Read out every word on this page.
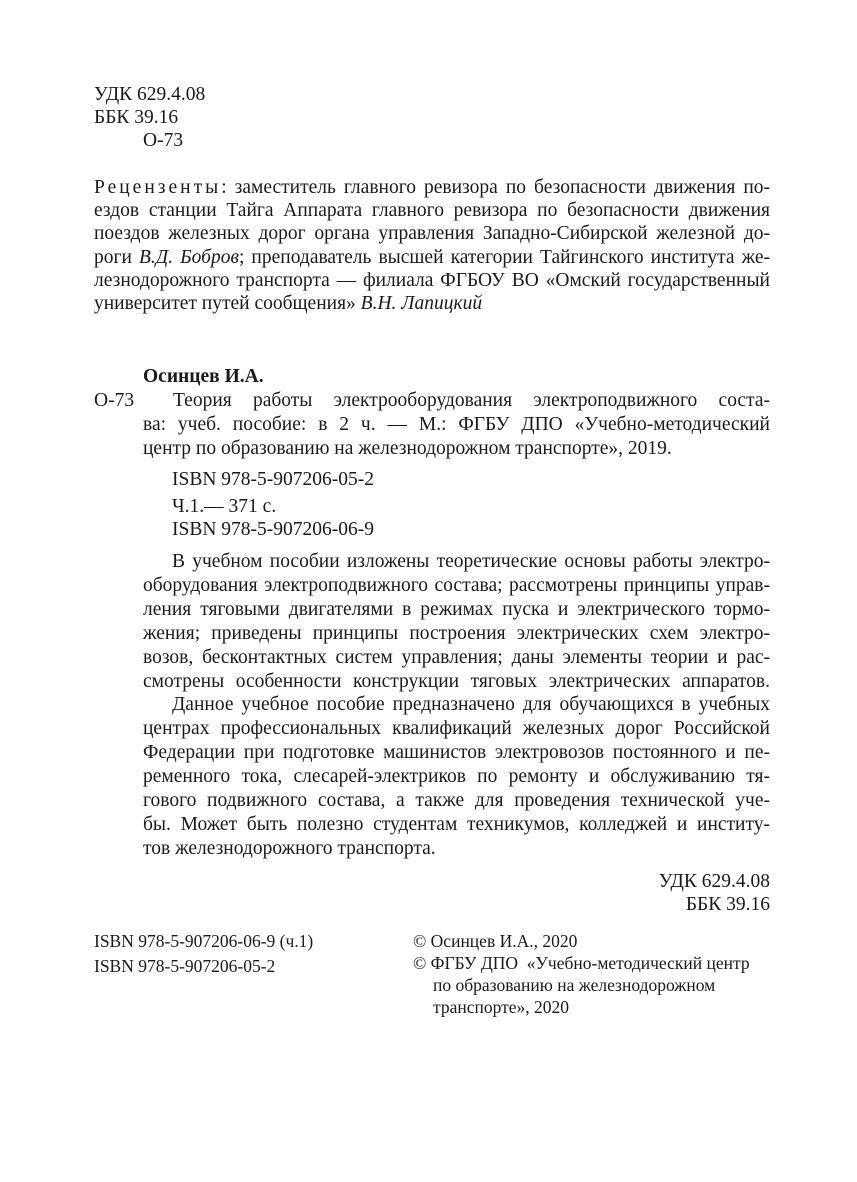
УДК 629.4.08
ББК 39.16
О-73
Рецензенты: заместитель главного ревизора по безопасности движения по-
ездов станции Тайга Аппарата главного ревизора по безопасности движения
поездов железных дорог органа управления Западно-Сибирской железной до-
роги В.Д. Бобров; преподаватель высшей категории Тайгинского института же-
лезнодорожного транспорта — филиала ФГБОУ ВО «Омский государственный
университет путей сообщения» В.Н. Лапицкий
Осинцев И.А.
О-73 Теория работы электрооборудования электроподвижного соста-
ва: учеб. пособие: в 2 ч. — М.: ФГБУ ДПО «Учебно-методический
центр по образованию на железнодорожном транспорте», 2019.
ISBN 978-5-907206-05-2
Ч.1.— 371 с.
ISBN 978-5-907206-06-9
В учебном пособии изложены теоретические основы работы электро-
оборудования электроподвижного состава; рассмотрены принципы управ-
ления тяговыми двигателями в режимах пуска и электрического тормо-
жения; приведены принципы построения электрических схем электро-
возов, бесконтактных систем управления; даны элементы теории и рас-
смотрены особенности конструкции тяговых электрических аппаратов.
Данное учебное пособие предназначено для обучающихся в учебных
центрах профессиональных квалификаций железных дорог Российской
Федерации при подготовке машинистов электровозов постоянного и пе-
ременного тока, слесарей-электриков по ремонту и обслуживанию тя-
гового подвижного состава, а также для проведения технической уче-
бы. Может быть полезно студентам техникумов, колледжей и институ-
тов железнодорожного транспорта.
УДК 629.4.08
ББК 39.16
ISBN 978-5-907206-06-9 (ч.1)
ISBN 978-5-907206-05-2
© Осинцев И.А., 2020
© ФГБУ ДПО  «Учебно-методический центр
по образованию на железнодорожном
транспорте», 2020
